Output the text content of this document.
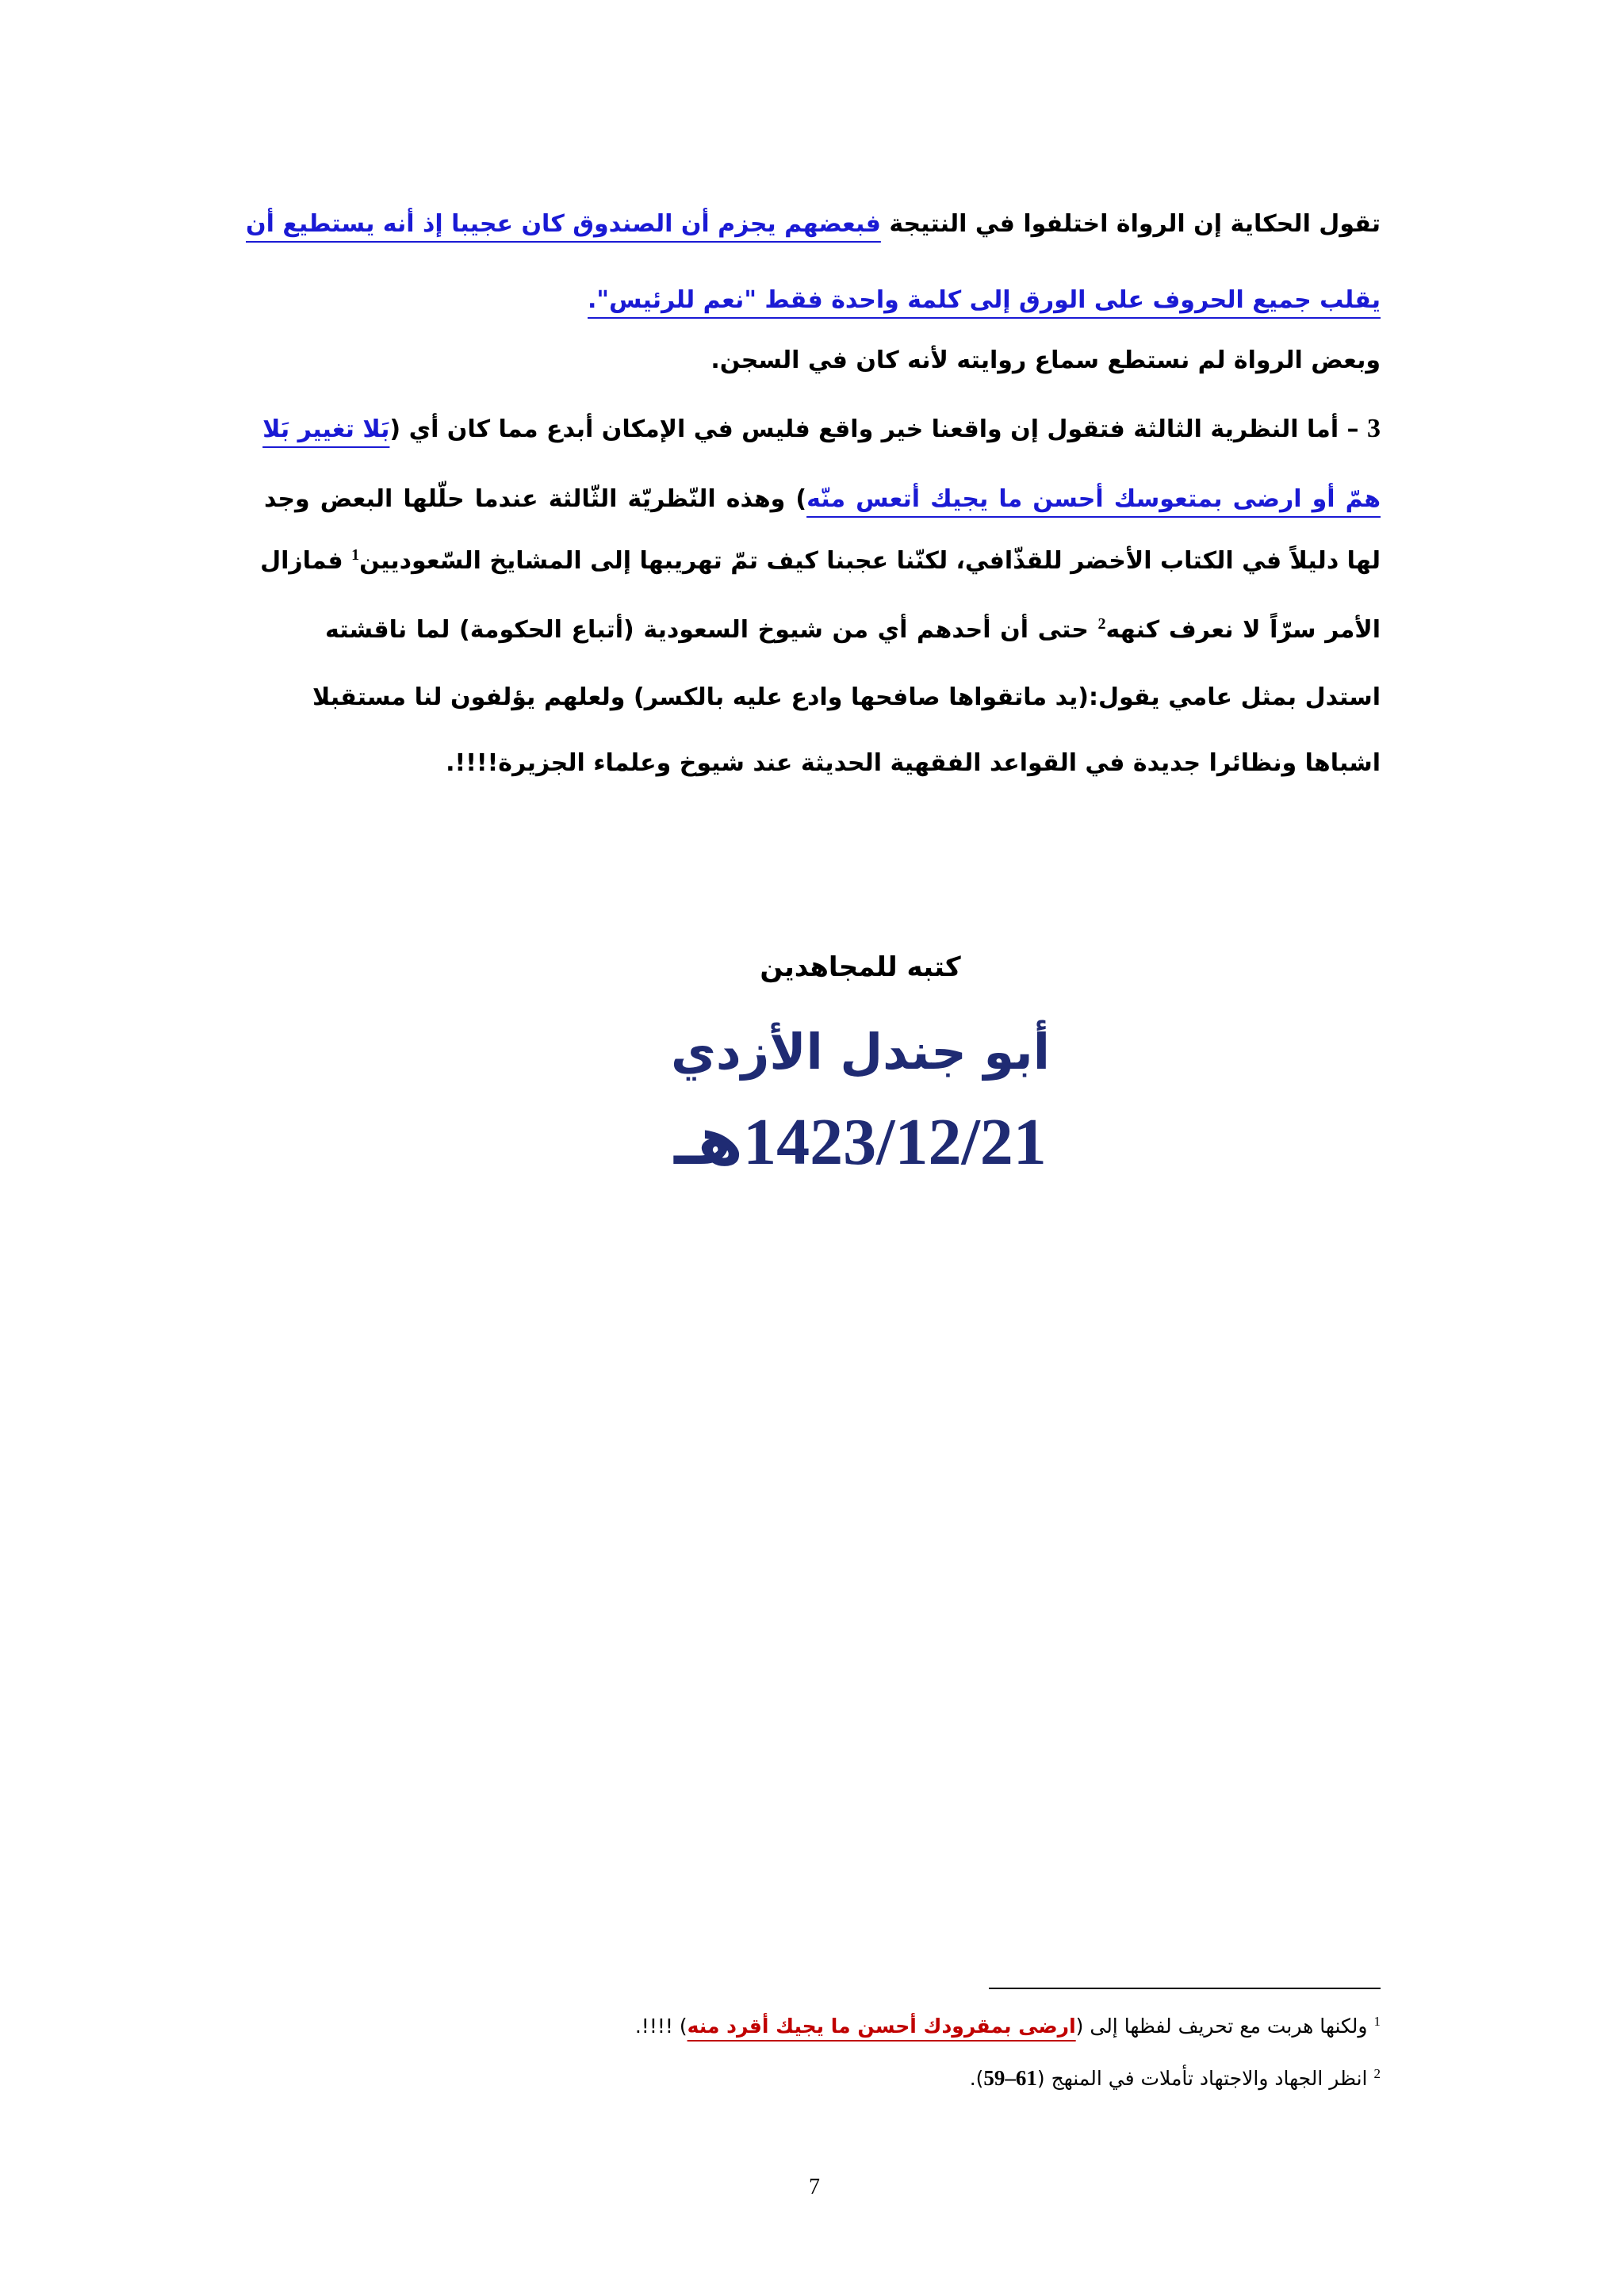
تقول الحكاية إن الرواة اختلفوا في النتيجة فبعضهم يجزم أن الصندوق كان عجيبا إذ أنه يستطيع أن
يقلب جميع الحروف على الورق إلى كلمة واحدة فقط "نعم للرئيس".
وبعض الرواة لم نستطع سماع روايته لأنه كان في السجن.
3 – أما النظرية الثالثة فتقول إن واقعنا خير واقع فليس في الإمكان أبدع مما كان أي (بَلا تغيير بَلا
همّ أو ارضى بمتعوسك أحسن ما يجيك أتعس منّه) وهذه النّظريّة الثّالثة عندما حلّلها البعض وجد
لها دليلاً في الكتاب الأخضر للقذّافي، لكنّنا عجبنا كيف تمّ تهريبها إلى المشايخ السّعوديين$^1$ فمازال
الأمر سرّاً لا نعرف كنهه$^2$ حتى أن أحدهم أي من شيوخ السعودية (أتباع الحكومة) لما ناقشته
استدل بمثل عامي يقول:(يد ماتقواها صافحها وادع عليه بالكسر) ولعلهم يؤلفون لنا مستقبلا
اشباها ونظائرا جديدة في القواعد الفقهية الحديثة عند شيوخ وعلماء الجزيرة!!!!.
كتبه للمجاهدين
أبو جندل الأزدي
1423/12/21هـ
$^1$ولكنها هربت مع تحريف لفظها إلى (ارضى بمقرودك أحسن ما يجيك أقرد منه) !!!!.
$^2$انظر الجهاد والاجتهاد تأملات في المنهج (59–61).
7
